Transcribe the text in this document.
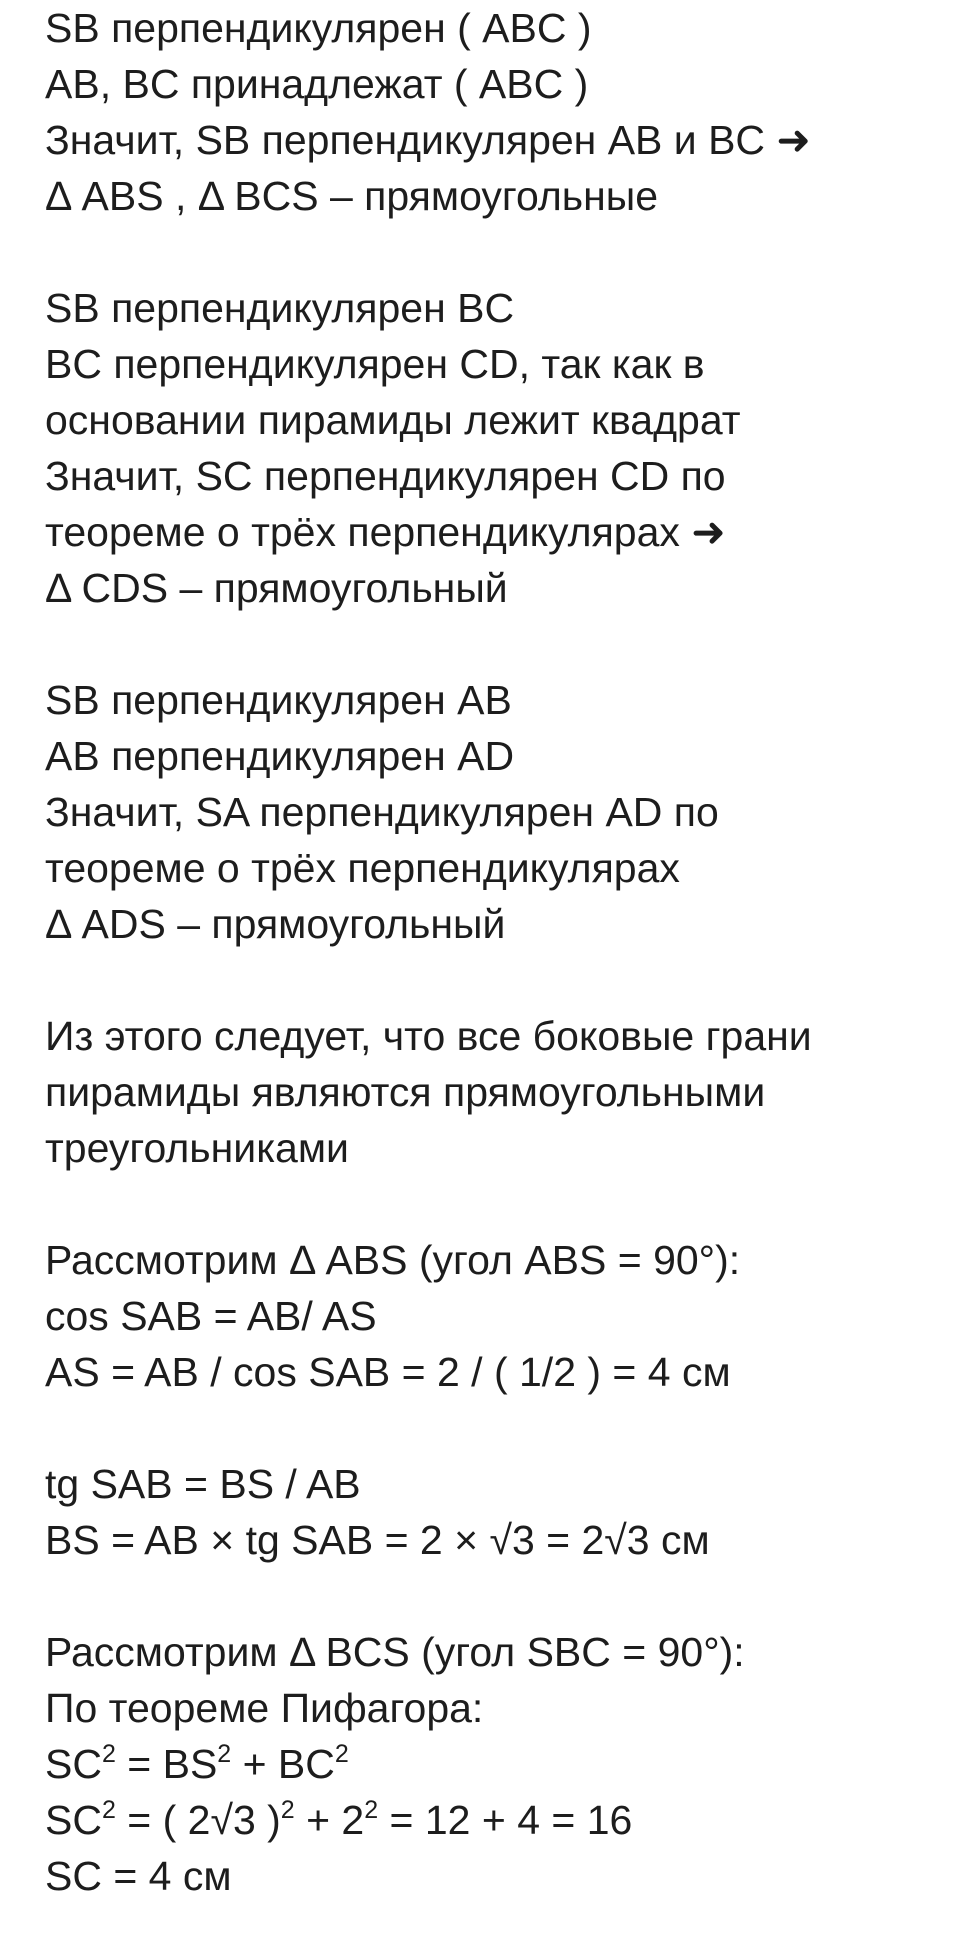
SB перпендикулярен ( ABC )
AB, BC принадлежат ( ABC )
Значит, SB перпендикулярен AB и BC ➜
Δ ABS , Δ BCS – прямоугольные
SB перпендикулярен BC
BC перпендикулярен CD, так как в
основании пирамиды лежит квадрат
Значит, SC перпендикулярен CD по
теореме о трёх перпендикулярах ➜
Δ CDS – прямоугольный
SB перпендикулярен AB
AB перпендикулярен AD
Значит, SA перпендикулярен AD по
теореме о трёх перпендикулярах
Δ ADS – прямоугольный
Из этого следует, что все боковые грани
пирамиды являются прямоугольными
треугольниками
Рассмотрим Δ ABS (угол ABS = 90°):
cos SAB = AB/ AS
AS = AB / cos SAB = 2 / ( 1/2 ) = 4 см
tg SAB = BS / AB
BS = AB × tg SAB = 2 × √3 = 2√3 см
Рассмотрим Δ BCS (угол SBC = 90°):
По теореме Пифагора:
$SC^2 = BS^2 + BC^2$
$SC^2$ = ( 2√3 )$^2 + 2^2 = 12 + 4 = 16$
SC = 4 см
